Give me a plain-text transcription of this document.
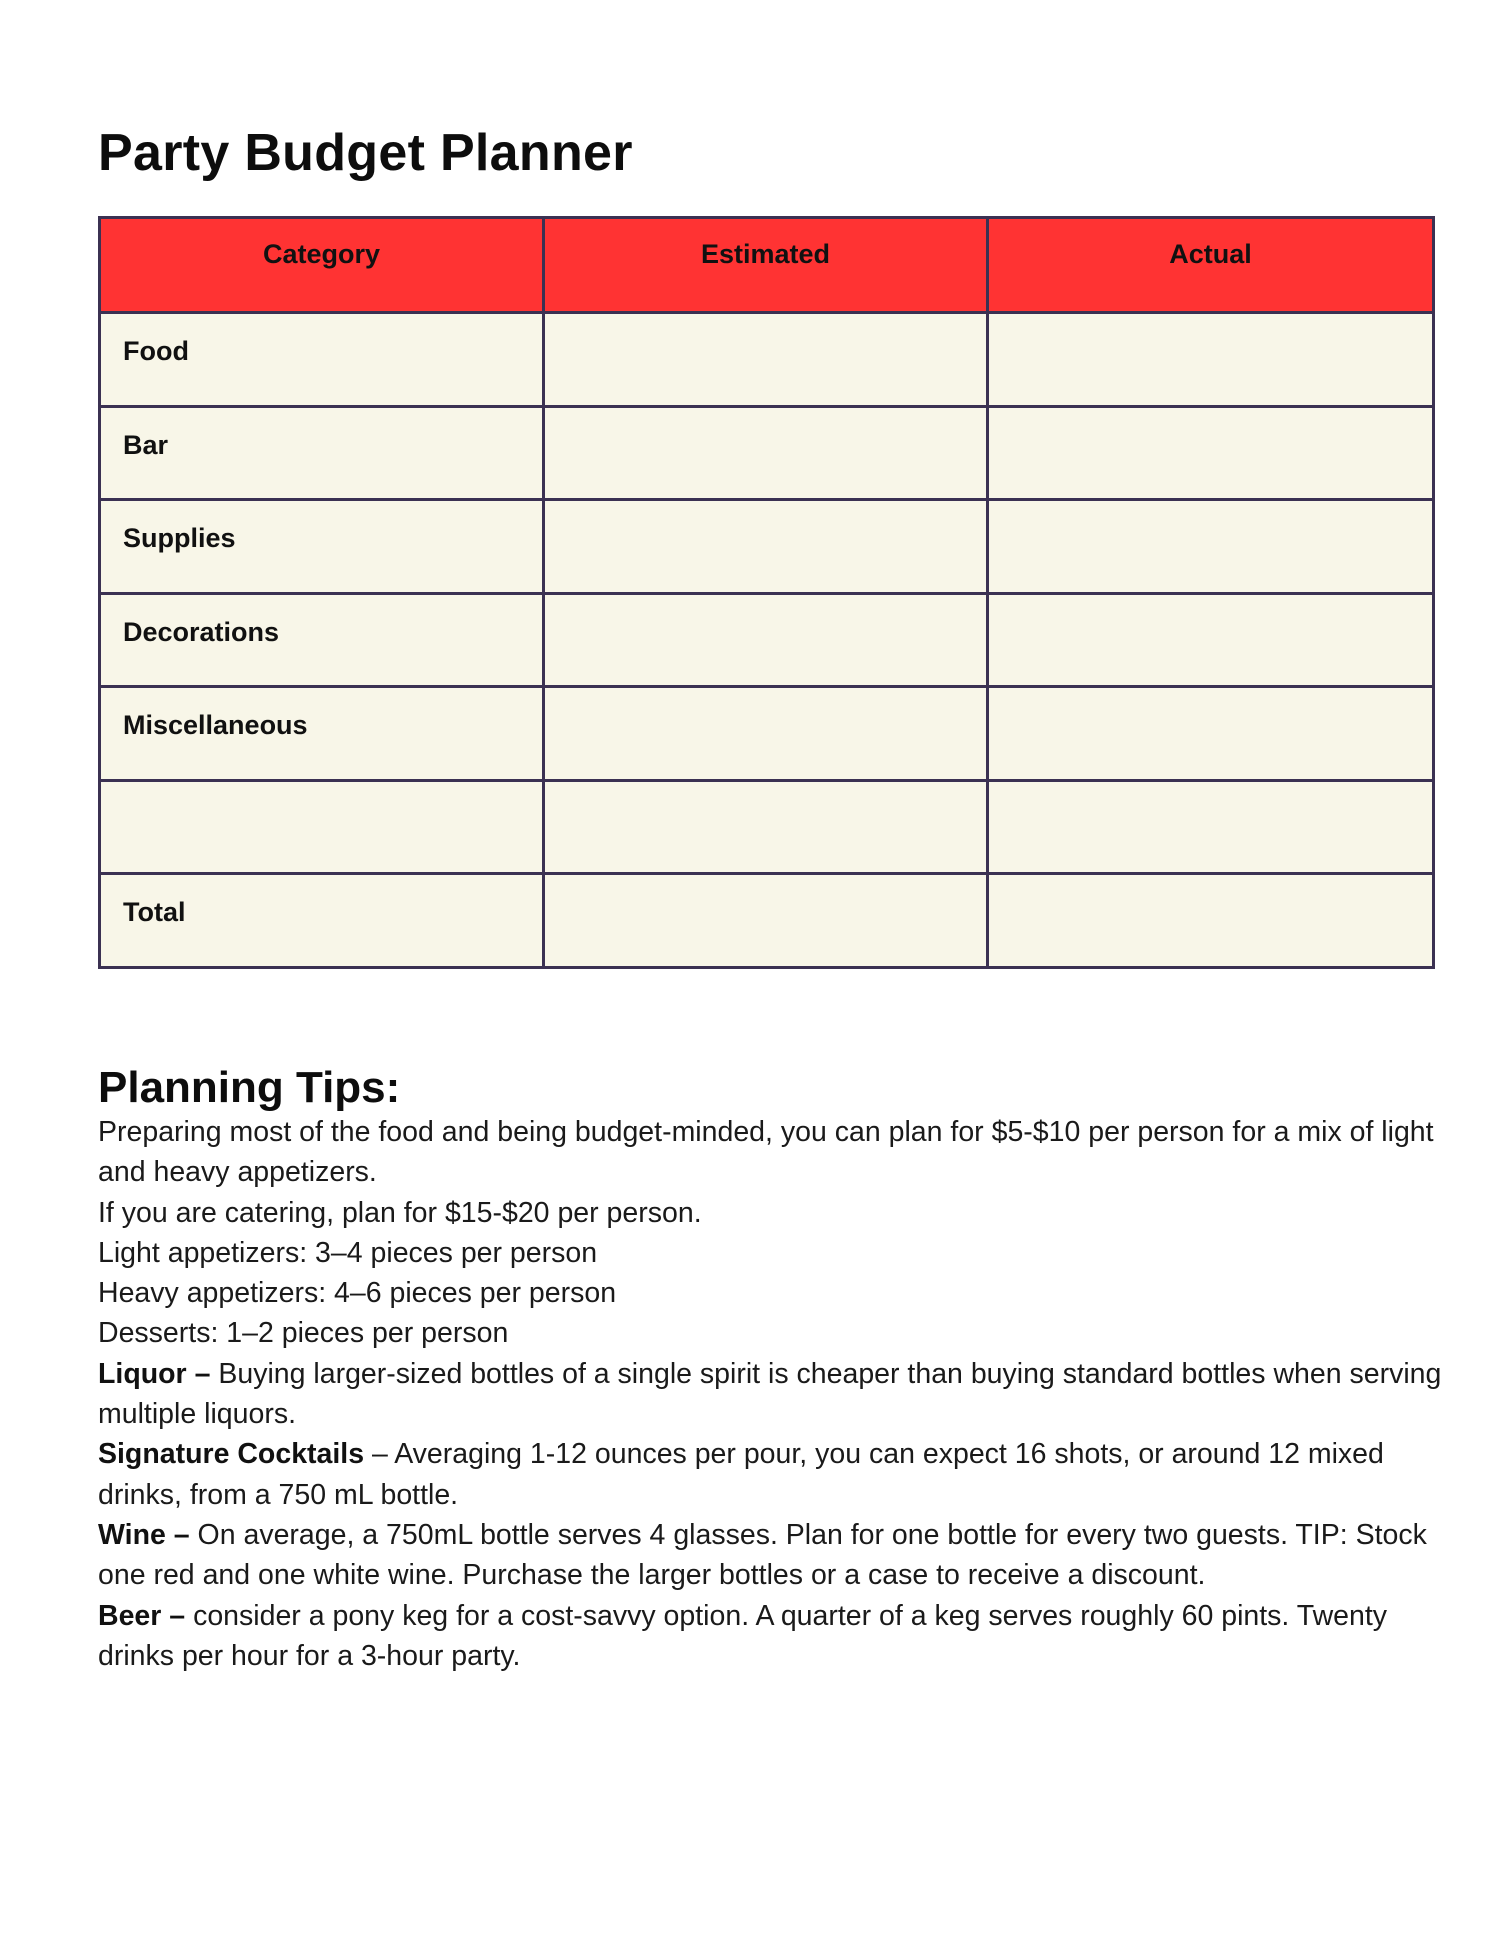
Party Budget Planner
Category	Estimated	Actual
Food		
Bar		
Supplies		
Decorations		
Miscellaneous		

Total		
Planning Tips:

Preparing most of the food and being budget-minded, you can plan for $5-$10 per person for a mix of light and heavy appetizers.

If you are catering, plan for $15-$20 per person.

Light appetizers: 3–4 pieces per person

Heavy appetizers: 4–6 pieces per person

Desserts: 1–2 pieces per person

Liquor – Buying larger-sized bottles of a single spirit is cheaper than buying standard bottles when serving multiple liquors.

Signature Cocktails – Averaging 1-12 ounces per pour, you can expect 16 shots, or around 12 mixed drinks, from a 750 mL bottle.

Wine – On average, a 750mL bottle serves 4 glasses. Plan for one bottle for every two guests. TIP: Stock one red and one white wine. Purchase the larger bottles or a case to receive a discount.

Beer – consider a pony keg for a cost-savvy option. A quarter of a keg serves roughly 60 pints. Twenty drinks per hour for a 3-hour party.
